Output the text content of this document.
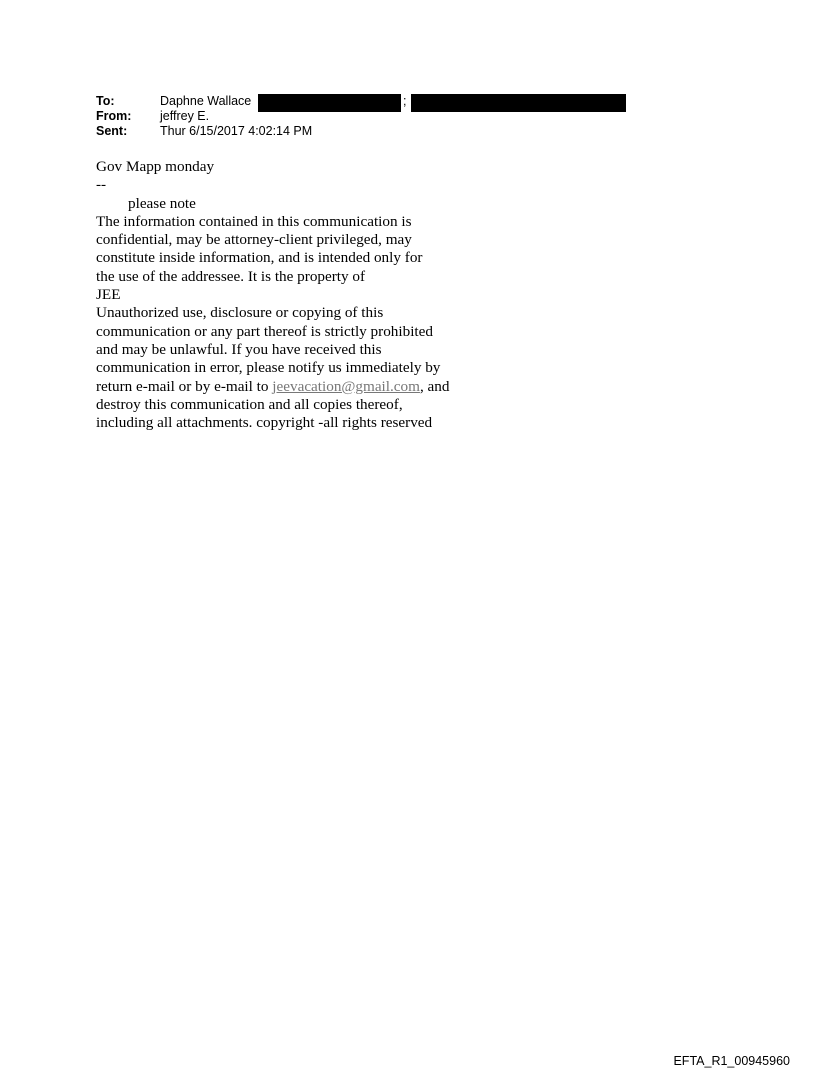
To:	Daphne Wallace	;
From: jeffrey E.
Sent:	Thur 6/15/2017 4:02:14 PM

Gov Mapp monday

--

please note

The information contained in this communication is

confidential, may be attorney-client privileged, may

constitute inside information, and is intended only for

the use of the addressee. It is the property of

JEE

Unauthorized use, disclosure or copying of this

communication or any part thereof is strictly prohibited

and may be unlawful. If you have received this

communication in error, please notify us immediately by

return e-mail or by e-mail to jeevacation@gmail.com, and

destroy this communication and all copies thereof,

including all attachments. copyright -all rights reserved

EFTA_R1_00945960
